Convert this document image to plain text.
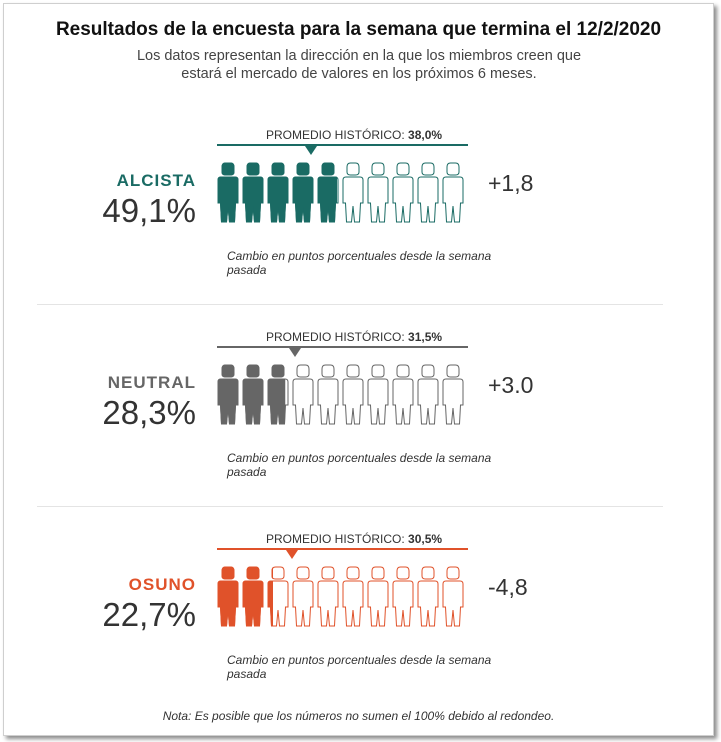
Resultados de la encuesta para la semana que termina el 12/2/2020
Los datos representan la dirección en la que los miembros creen que
estará el mercado de valores en los próximos 6 meses.
PROMEDIO HISTÓRICO: 38,0%
ALCISTA
49,1%
+1,8
Cambio en puntos porcentuales desde la semana pasada
PROMEDIO HISTÓRICO: 31,5%
NEUTRAL
28,3%
+3.0
Cambio en puntos porcentuales desde la semana pasada
PROMEDIO HISTÓRICO: 30,5%
OSUNO
22,7%
-4,8
Cambio en puntos porcentuales desde la semana pasada
Nota: Es posible que los números no sumen el 100% debido al redondeo.
